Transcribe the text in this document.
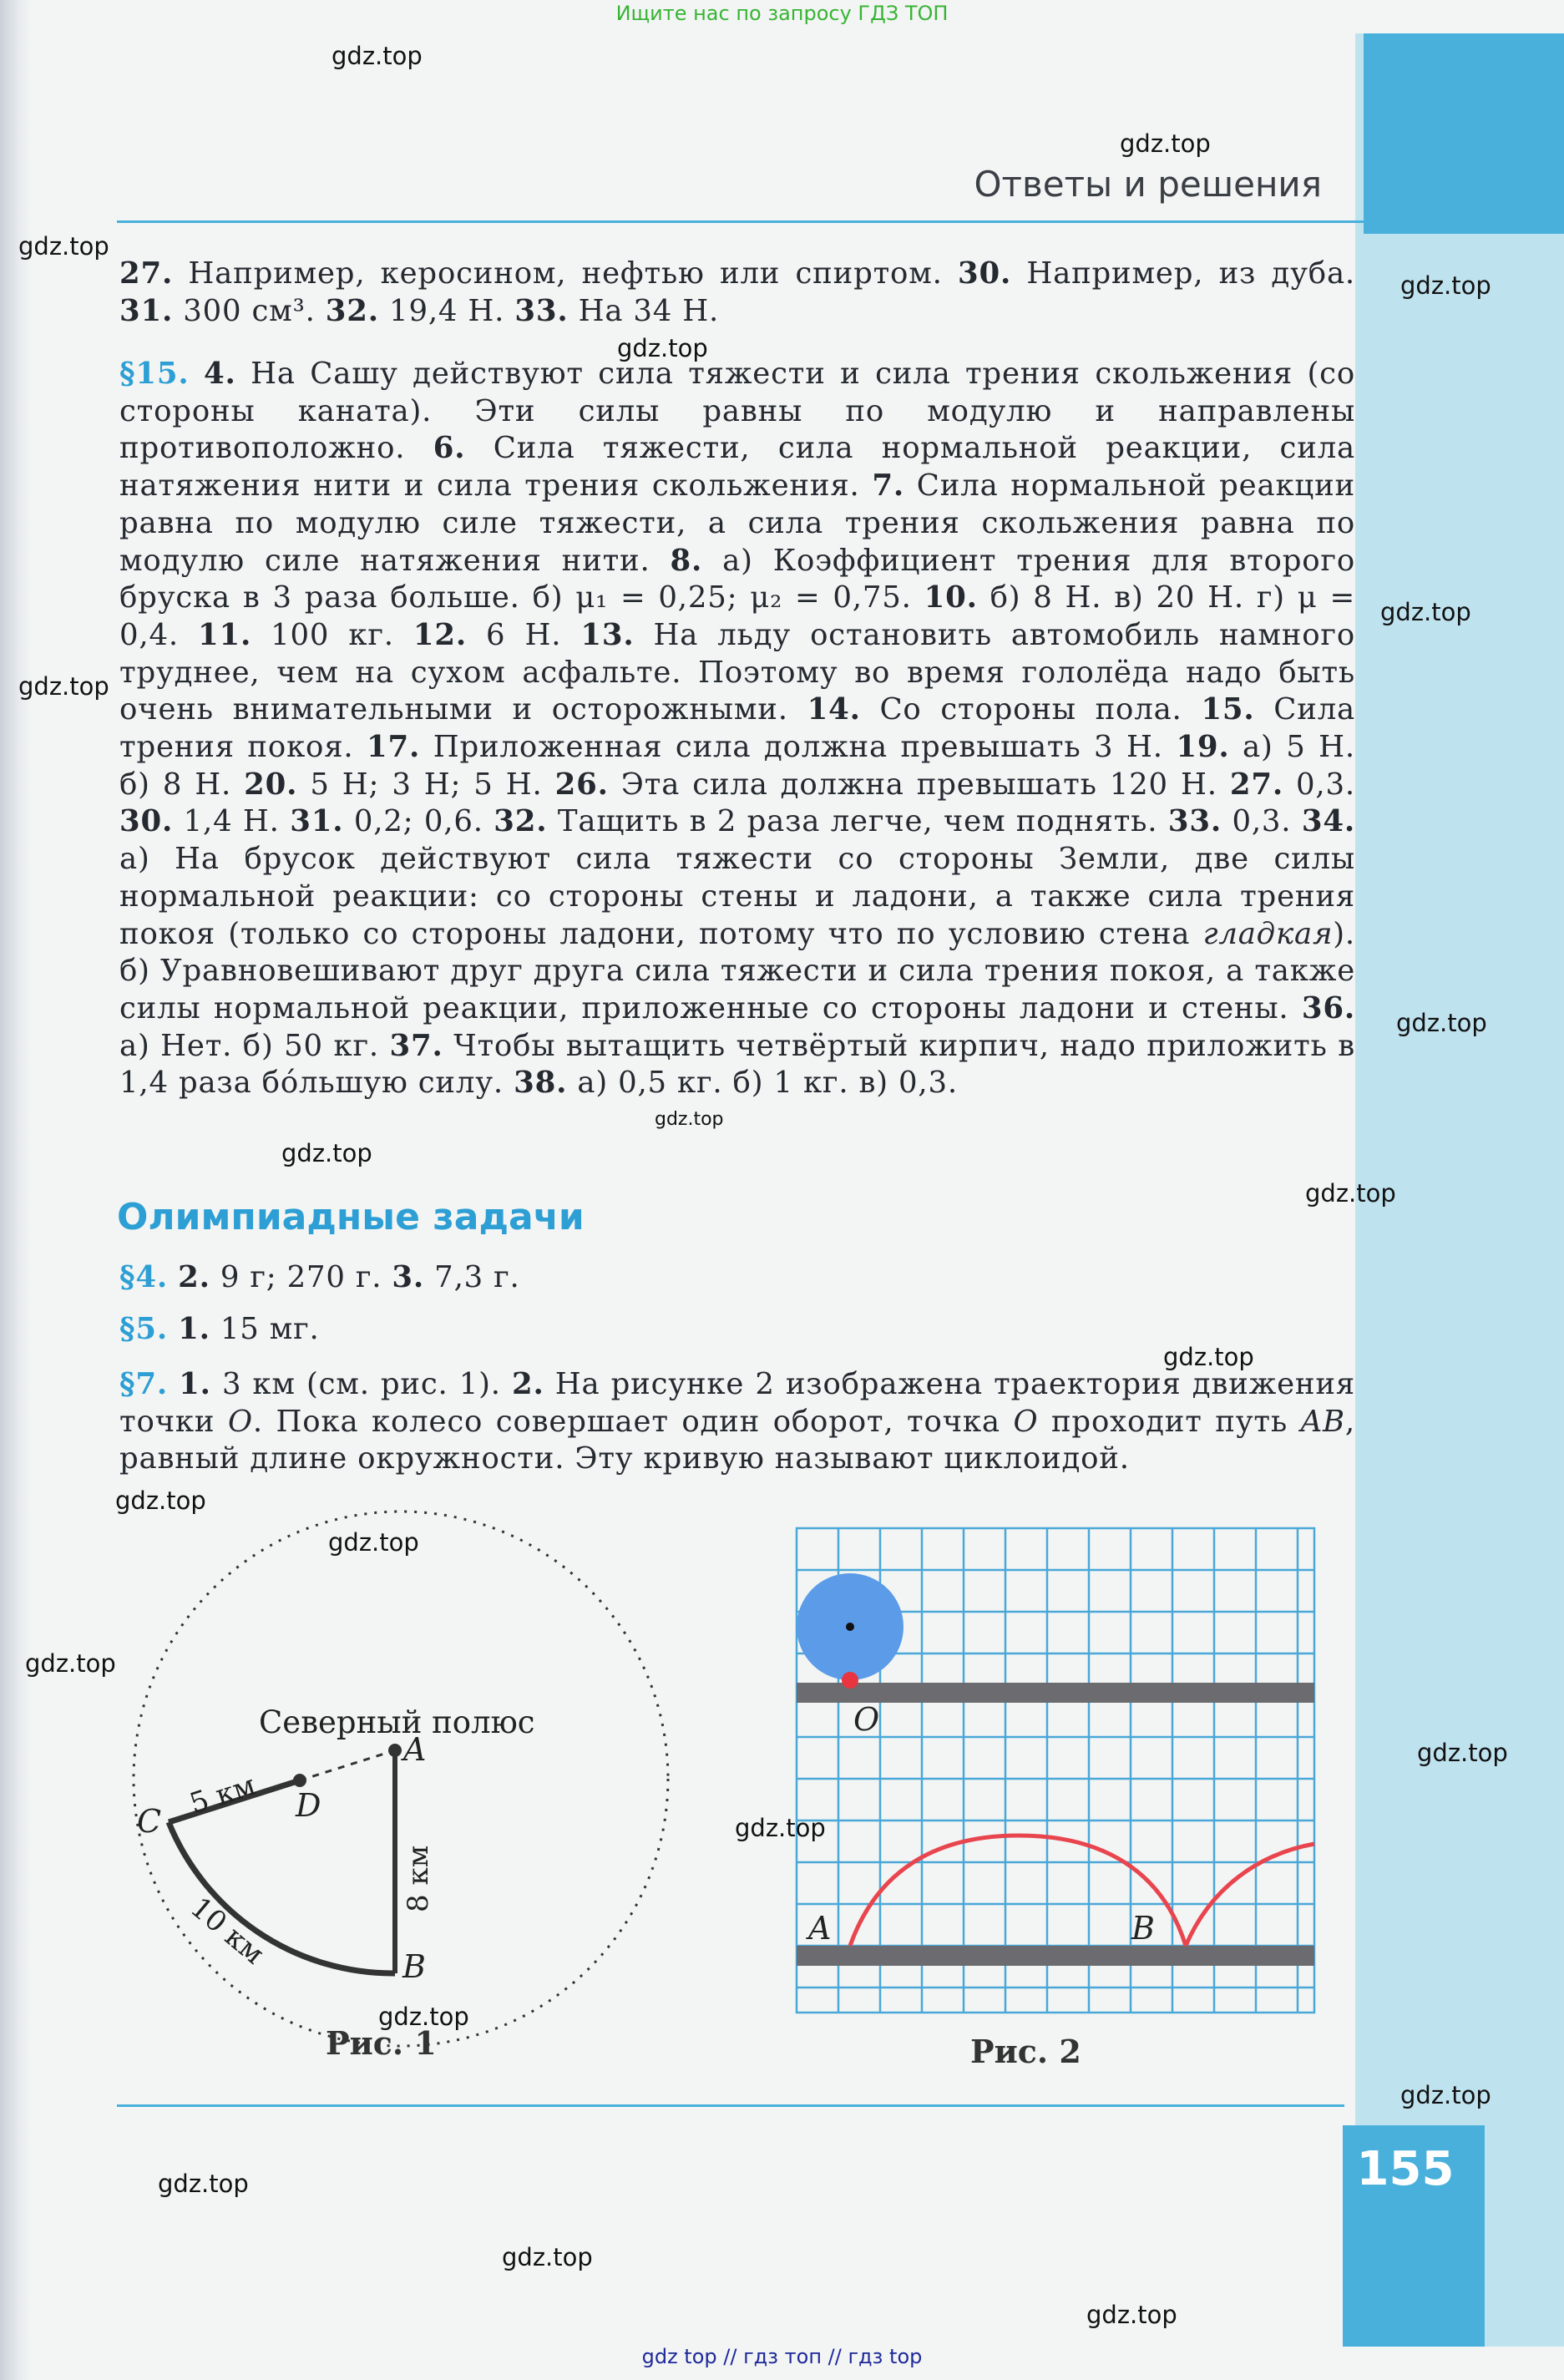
155
Ищите нас по запросу ГДЗ ТОП
Ответы и решения
27. Например, керосином, нефтью или спиртом. 30. Например, из дуба. 31. 300 см³. 32. 19,4 Н. 33. На 34 Н.
§15. 4. На Сашу действуют сила тяжести и сила трения скольжения (со стороны каната). Эти силы равны по модулю и направлены противоположно. 6. Сила тяжести, сила нормальной реакции, сила натяжения нити и сила трения скольжения. 7. Сила нормальной реакции равна по модулю силе тяжести, а сила трения скольжения равна по модулю силе натяжения нити. 8. а) Коэффициент трения для второго бруска в 3 раза больше. б) μ₁ = 0,25; μ₂ = 0,75. 10. б) 8 Н. в) 20 Н. г) μ = 0,4. 11. 100 кг. 12. 6 Н. 13. На льду остановить автомобиль намного труднее, чем на сухом асфальте. Поэтому во время гололёда надо быть очень внимательными и осторожными. 14. Со стороны пола. 15. Сила трения покоя. 17. Приложенная сила должна превышать 3 Н. 19. а) 5 Н. б) 8 Н. 20. 5 Н; 3 Н; 5 Н. 26. Эта сила должна превышать 120 Н. 27. 0,3. 30. 1,4 Н. 31. 0,2; 0,6. 32. Тащить в 2 раза легче, чем поднять. 33. 0,3. 34. а) На брусок действуют сила тяжести со стороны Земли, две силы нормальной реакции: со стороны стены и ладони, а также сила трения покоя (только со стороны ладони, потому что по условию стена гладкая). б) Уравновешивают друг друга сила тяжести и сила трения покоя, а также силы нормальной реакции, приложенные со стороны ладони и стены. 36. а) Нет. б) 50 кг. 37. Чтобы вытащить четвёртый кирпич, надо приложить в 1,4 раза бо́льшую силу. 38. а) 0,5 кг. б) 1 кг. в) 0,3.
Олимпиадные задачи
§4. 2. 9 г; 270 г. 3. 7,3 г.
§5. 1. 15 мг.
§7. 1. 3 км (см. рис. 1). 2. На рисунке 2 изображена траектория движения точки O. Пока колесо совершает один оборот, точка O проходит путь AB, равный длине окружности. Эту кривую называют циклоидой.
Северный полюс
A
D
C
B
5 км
8 км
10 км
Рис. 1
O
A	B
Рис. 2
gdz.top
gdz.top
gdz.top
gdz.top
gdz.top
gdz.top
gdz.top
gdz.top
gdz.top
gdz.top
gdz.top
gdz.top
gdz.top
gdz.top
gdz.top
gdz.top
gdz.top
gdz.top
gdz.top
gdz.top
gdz.top
gdz.top
gdz top // гдз топ // гдз top
